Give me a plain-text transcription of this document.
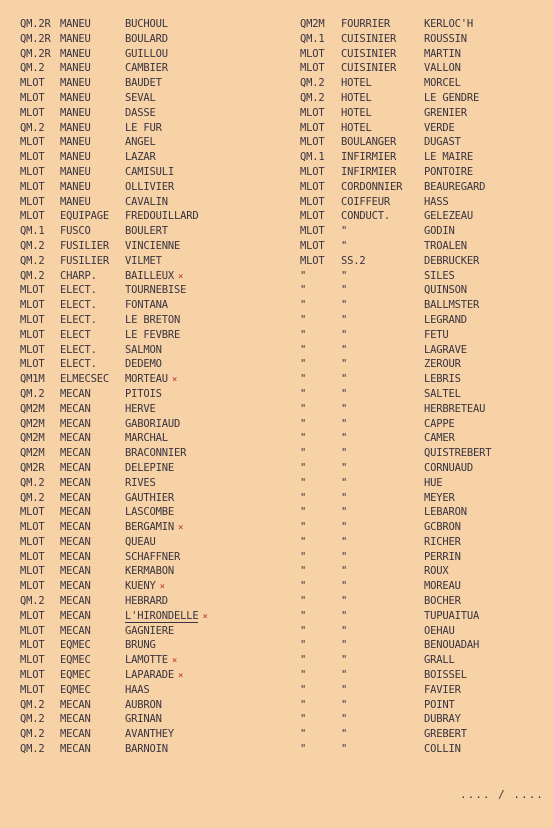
QM.2R MANEU	BUCHOUL
QM.2R MANEU	BOULARD
QM.2R MANEU	GUILLOU
QM.2 MANEU	CAMBIER
MLOT MANEU	BAUDET
MLOT MANEU	SEVAL
MLOT MANEU	DASSE
QM.2 MANEU	LE FUR
MLOT MANEU	ANGEL
MLOT MANEU	LAZAR
MLOT MANEU	CAMISULI
MLOT MANEU	OLLIVIER
MLOT MANEU	CAVALIN
MLOT EQUIPAGE FREDOUILLARD
QM.1 FUSCO	BOULERT
QM.2 FUSILIER VINCIENNE
QM.2 FUSILIER VILMET
QM.2 CHARP.	BAILLEUX ×
MLOT ELECT.	TOURNEBISE
MLOT ELECT.	FONTANA
MLOT ELECT.	LE BRETON
MLOT ELECT	LE FEVBRE
MLOT ELECT.	SALMON
MLOT ELECT.	DEDEMO
QM1M ELMECSEC MORTEAU ×
QM.2 MECAN	PITOIS
QM2M MECAN	HERVE
QM2M MECAN	GABORIAUD
QM2M MECAN	MARCHAL
QM2M MECAN	BRACONNIER
QM2R MECAN	DELEPINE
QM.2 MECAN	RIVES
QM.2 MECAN	GAUTHIER
MLOT MECAN	LASCOMBE
MLOT MECAN	BERGAMIN ×
MLOT MECAN	QUEAU
MLOT MECAN	SCHAFFNER
MLOT MECAN	KERMABON
MLOT MECAN	KUENY ×
QM.2 MECAN	HEBRARD
MLOT MECAN	L'HIRONDELLE ×
MLOT MECAN	GAGNIERE
MLOT EQMEC	BRUNG
MLOT EQMEC	LAMOTTE ×
MLOT EQMEC	LAPARADE ×
MLOT EQMEC	HAAS
QM.2 MECAN	AUBRON
QM.2 MECAN	GRINAN
QM.2 MECAN	AVANTHEY
QM.2 MECAN	BARNOIN
QM2M FOURRIER	KERLOC'H
QM.1 CUISINIER	ROUSSIN
MLOT CUISINIER	MARTIN
MLOT CUISINIER	VALLON
QM.2 HOTEL	MORCEL
QM.2 HOTEL	LE GENDRE
MLOT HOTEL	GRENIER
MLOT HOTEL	VERDE
MLOT BOULANGER	DUGAST
QM.1 INFIRMIER	LE MAIRE
MLOT INFIRMIER	PONTOIRE
MLOT CORDONNIER BEAUREGARD
MLOT COIFFEUR	HASS
MLOT CONDUCT.	GELEZEAU
MLOT "	GODIN
MLOT "	TROALEN
MLOT SS.2	DEBRUCKER
"	"	SILES
"	"	QUINSON
"	"	BALLMSTER
"	"	LEGRAND
"	"	FETU
"	"	LAGRAVE
"	"	ZEROUR
"	"	LEBRIS
"	"	SALTEL
"	"	HERBRETEAU
"	"	CAPPE
"	"	CAMER
"	"	QUISTREBERT
"	"	CORNUAUD
"	"	HUE
"	"	MEYER
"	"	LEBARON
"	"	GCBRON
"	"	RICHER
"	"	PERRIN
"	"	ROUX
"	"	MOREAU
"	"	BOCHER
"	"	TUPUAITUA
"	"	OEHAU
"	"	BENOUADAH
"	"	GRALL
"	"	BOISSEL
"	"	FAVIER
"	"	POINT
"	"	DUBRAY
"	"	GREBERT
"	"	COLLIN
.... / ....
